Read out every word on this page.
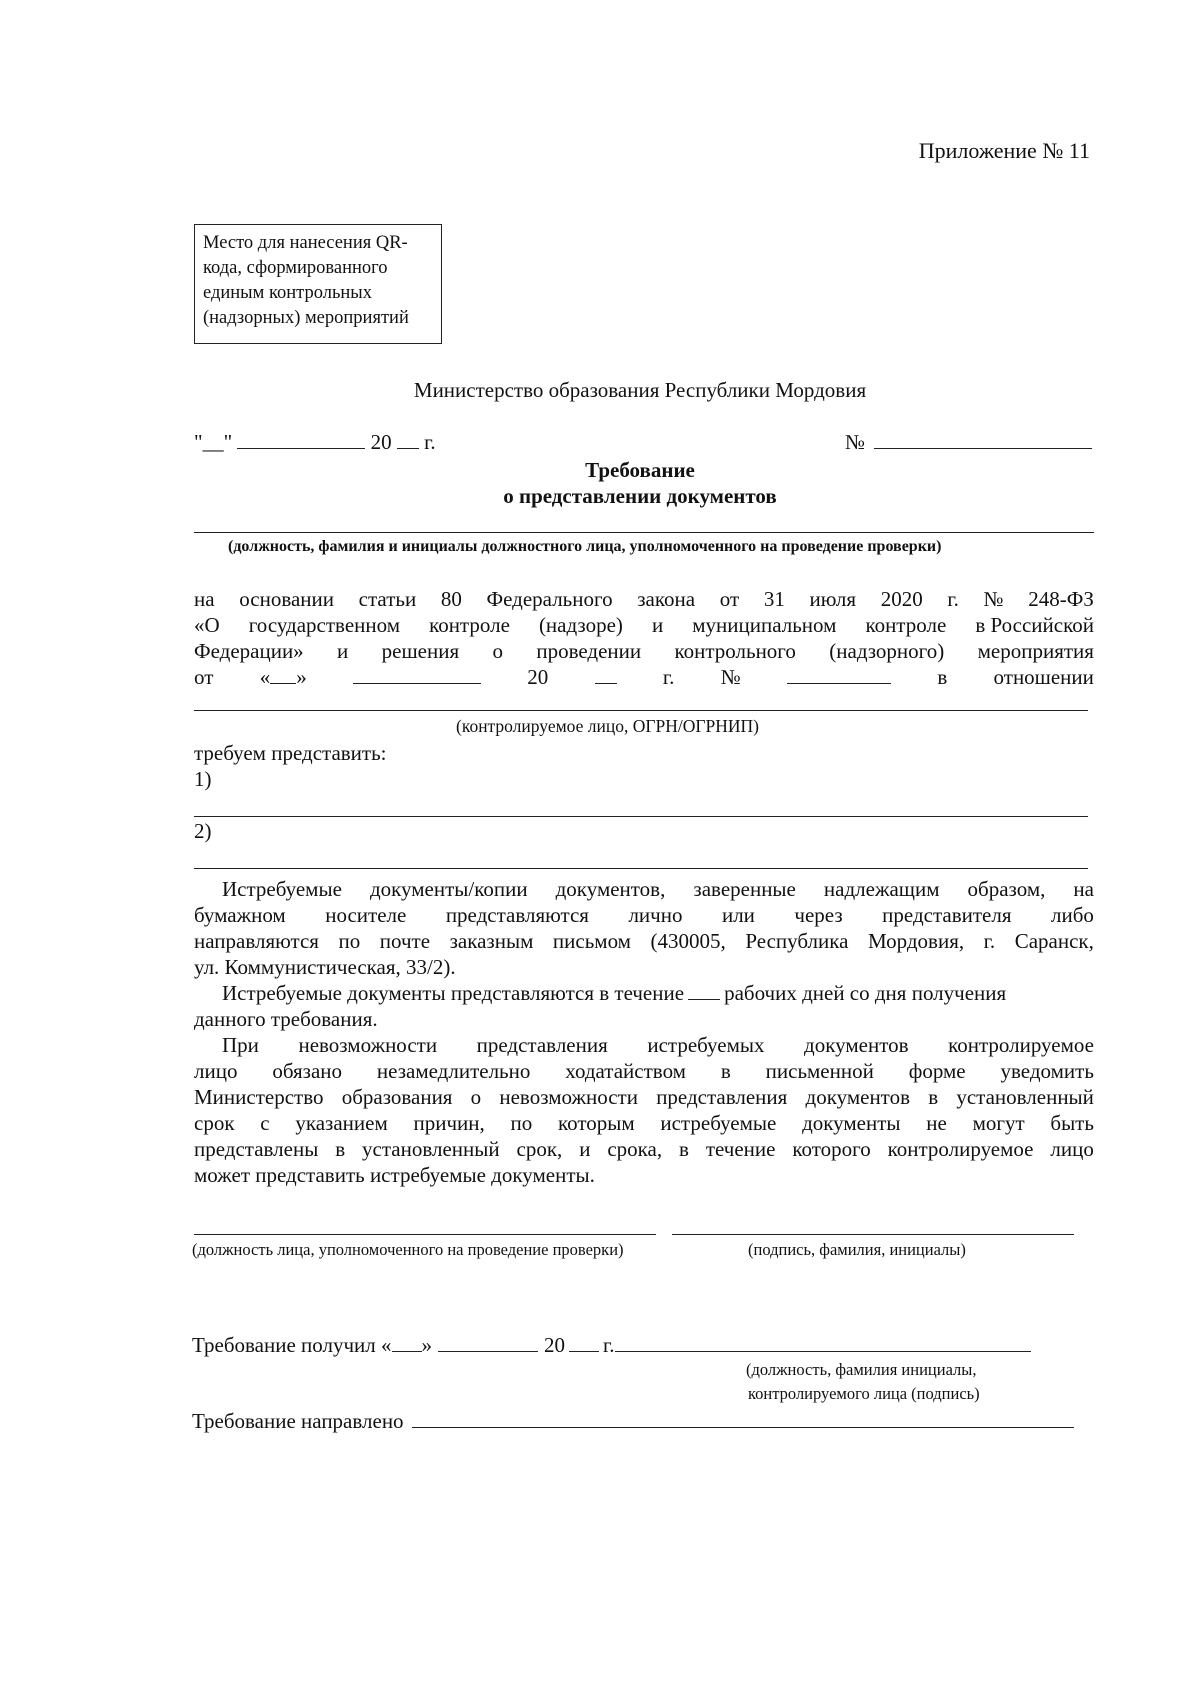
Приложение № 11
Место для нанесения QR-
кода, сформированного
единым контрольных
(надзорных) мероприятий
Министерство образования Республики Мордовия
"__"	20 г.	№
Требование
о представлении документов
(должность, фамилия и инициалы должностного лица, уполномоченного на проведение проверки)
на основании статьи 80 Федерального закона от 31 июля 2020 г. № 248-ФЗ
«О государственном контроле (надзоре) и муниципальном контроле в Российской
Федерации» и решения о проведении контрольного (надзорного) мероприятия
от « »	20	г. №	в отношении
(контролируемое лицо, ОГРН/ОГРНИП)
требуем представить:
1)
2)
Истребуемые документы/копии документов, заверенные надлежащим образом, на
бумажном носителе представляются лично или через представителя либо
направляются по почте заказным письмом (430005, Республика Мордовия, г. Саранск,
ул. Коммунистическая, 33/2).
Истребуемые документы представляются в течение рабочих дней со дня получения
данного требования.
При невозможности представления истребуемых документов контролируемое
лицо обязано незамедлительно ходатайством в письменной форме уведомить
Министерство образования о невозможности представления документов в установленный
срок с указанием причин, по которым истребуемые документы не могут быть
представлены в установленный срок, и срока, в течение которого контролируемое лицо
может представить истребуемые документы.
(должность лица, уполномоченного на проведение проверки)	(подпись, фамилия, инициалы)
Требование получил « »	20 г.
(должность, фамилия инициалы,
контролируемого лица (подпись)
Требование направлено
